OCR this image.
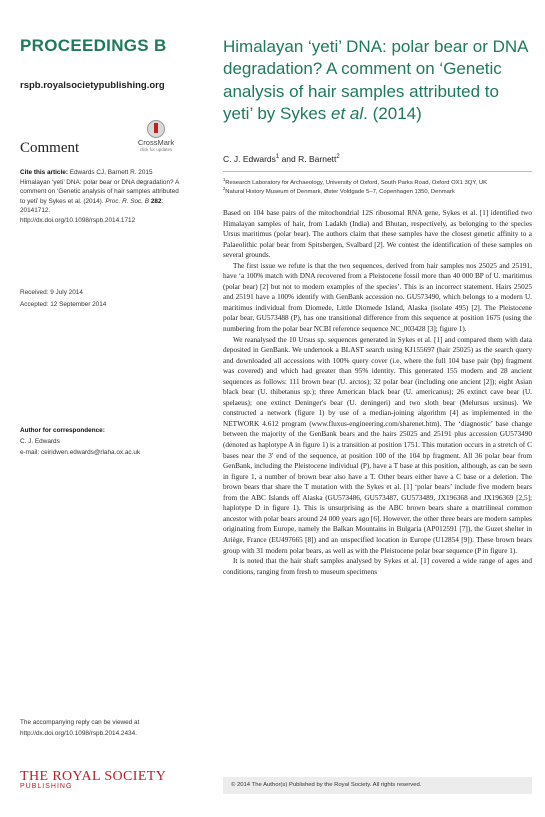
PROCEEDINGS B
rspb.royalsocietypublishing.org
Comment	CrossMark
click for updates
Cite this article: Edwards CJ, Barnett R. 2015 Himalayan ‘yeti’ DNA: polar bear or DNA degradation? A comment on ‘Genetic analysis of hair samples attributed to yeti’ by Sykes et al. (2014). Proc. R. Soc. B 282: 20141712.
http://dx.doi.org/10.1098/rspb.2014.1712
Received: 9 July 2014
Accepted: 12 September 2014
Author for correspondence:
C. J. Edwards
e-mail: ceiridwen.edwards@rlaha.ox.ac.uk
The accompanying reply can be viewed at
http://dx.doi.org/10.1098/rspb.2014.2434.
THE ROYAL SOCIETY
PUBLISHING
Himalayan ‘yeti’ DNA: polar bear or DNA degradation? A comment on ‘Genetic analysis of hair samples attributed to yeti’ by Sykes et al. (2014)
C. J. Edwards$^1$ and R. Barnett$^2$
$^1$Research Laboratory for Archaeology, University of Oxford, South Parks Road, Oxford OX1 3QY, UK
$^2$Natural History Museum of Denmark, Øster Voldgade 5–7, Copenhagen 1350, Denmark

Based on 104 base pairs of the mitochondrial 12S ribosomal RNA gene, Sykes et al. [1] identified two Himalayan samples of hair, from Ladakh (India) and Bhutan, respectively, as belonging to the species Ursus maritimus (polar bear). The authors claim that these samples have the closest genetic affinity to a Palaeolithic polar bear from Spitsbergen, Svalbard [2]. We contest the identification of these samples on several grounds.

The first issue we refute is that the two sequences, derived from hair samples nos 25025 and 25191, have ‘a 100% match with DNA recovered from a Pleistocene fossil more than 40 000 BP of U. maritimus (polar bear) [2] but not to modern examples of the species’. This is an incorrect statement. Hairs 25025 and 25191 have a 100% identify with GenBank accession no. GU573490, which belongs to a modern U. maritimus individual from Diomede, Little Diomede Island, Alaska (isolate 495) [2]. The Pleistocene polar bear, GU573488 (P), has one transitional difference from this sequence at position 1675 (using the numbering from the polar bear NCBI reference sequence NC_003428 [3]; figure 1).

We reanalysed the 10 Ursus sp. sequences generated in Sykes et al. [1] and compared them with data deposited in GenBank. We undertook a BLAST search using KJ155697 (hair 25025) as the search query and downloaded all accessions with 100% query cover (i.e. where the full 104 base pair (bp) fragment was covered) and which had greater than 95% identity. This generated 155 modern and 28 ancient sequences as follows: 111 brown bear (U. arctos); 32 polar bear (including one ancient [2]); eight Asian black bear (U. thibetanus sp.); three American black bear (U. americanus); 26 extinct cave bear (U. spelaeus); one extinct Deninger's bear (U. deningeri) and two sloth bear (Melursus ursinus). We constructed a network (figure 1) by use of a median-joining algorithm [4] as implemented in the NETWORK 4.612 program (www.fluxus-engineering.com/sharenet.htm). The ‘diagnostic’ base change between the majority of the GenBank bears and the hairs 25025 and 25191 plus accession GU573490 (denoted as haplotype A in figure 1) is a transition at position 1751. This mutation occurs in a stretch of C bases near the 3′ end of the sequence, at position 100 of the 104 bp fragment. All 36 polar bear from GenBank, including the Pleistocene individual (P), have a T base at this position, although, as can be seen in figure 1, a number of brown bear also have a T. Other bears either have a C base or a deletion. The brown bears that share the T mutation with the Sykes et al. [1] ‘polar bears’ include five modern bears from the ABC Islands off Alaska (GU573486, GU573487, GU573489, JX196368 and JX196369 [2,5]; haplotype D in figure 1). This is unsurprising as the ABC brown bears share a matrilineal common ancestor with polar bears around 24 000 years ago [6]. However, the other three bears are modern samples originating from Europe, namely the Balkan Mountains in Bulgaria (AP012591 [7]), the Guzet shelter in Ariège, France (EU497665 [8]) and an unspecified location in Europe (U12854 [9]). These brown bears group with 31 modern polar bears, as well as with the Pleistocene polar bear sequence (P in figure 1).

It is noted that the hair shaft samples analysed by Sykes et al. [1] covered a wide range of ages and conditions, ranging from fresh to museum specimens

© 2014 The Author(s) Published by the Royal Society. All rights reserved.
